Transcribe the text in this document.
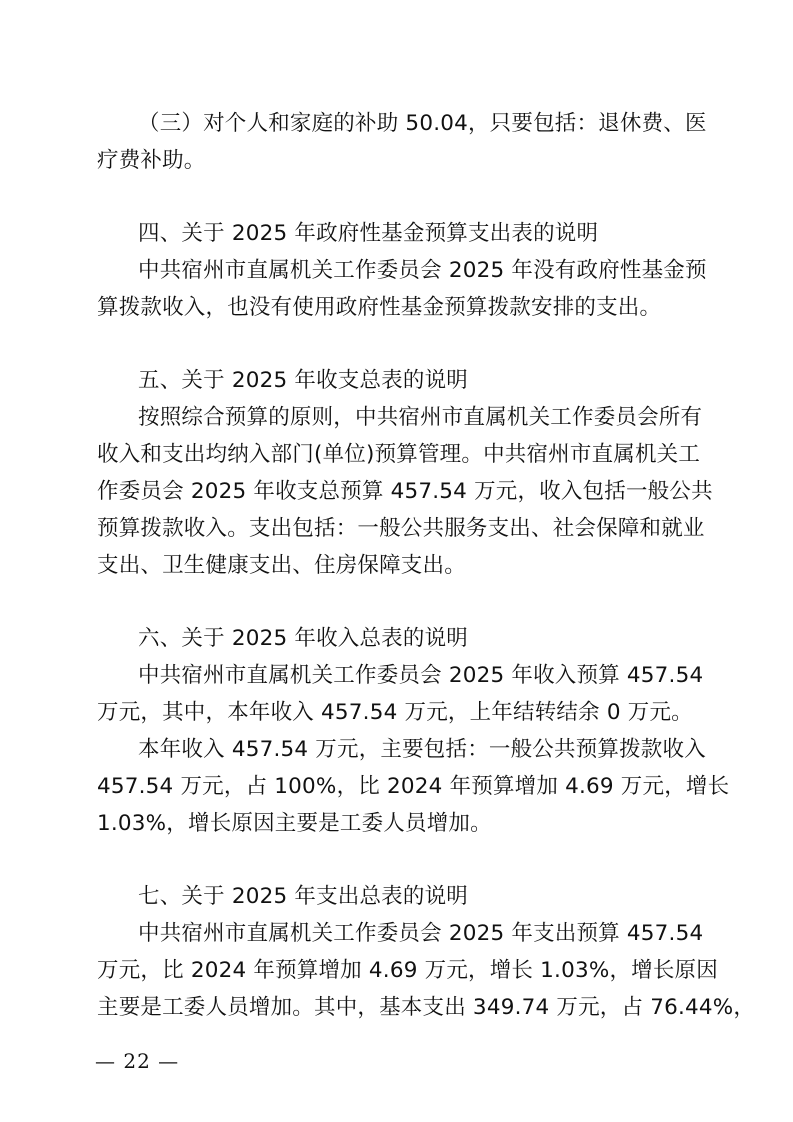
（三）对个人和家庭的补助 50.04，只要包括：退休费、医
疗费补助。
四、关于 2025 年政府性基金预算支出表的说明
中共宿州市直属机关工作委员会 2025 年没有政府性基金预
算拨款收入，也没有使用政府性基金预算拨款安排的支出。
五、关于 2025 年收支总表的说明
按照综合预算的原则，中共宿州市直属机关工作委员会所有
收入和支出均纳入部门(单位)预算管理。中共宿州市直属机关工
作委员会 2025 年收支总预算 457.54 万元，收入包括一般公共
预算拨款收入。支出包括：一般公共服务支出、社会保障和就业
支出、卫生健康支出、住房保障支出。
六、关于 2025 年收入总表的说明
中共宿州市直属机关工作委员会 2025 年收入预算 457.54
万元，其中，本年收入 457.54 万元，上年结转结余 0 万元。
本年收入 457.54 万元，主要包括：一般公共预算拨款收入
457.54 万元，占 100%，比 2024 年预算增加 4.69 万元，增长
1.03%，增长原因主要是工委人员增加。
七、关于 2025 年支出总表的说明
中共宿州市直属机关工作委员会 2025 年支出预算 457.54
万元，比 2024 年预算增加 4.69 万元，增长 1.03%，增长原因
主要是工委人员增加。其中，基本支出 349.74 万元，占 76.44%，
— 22 —
